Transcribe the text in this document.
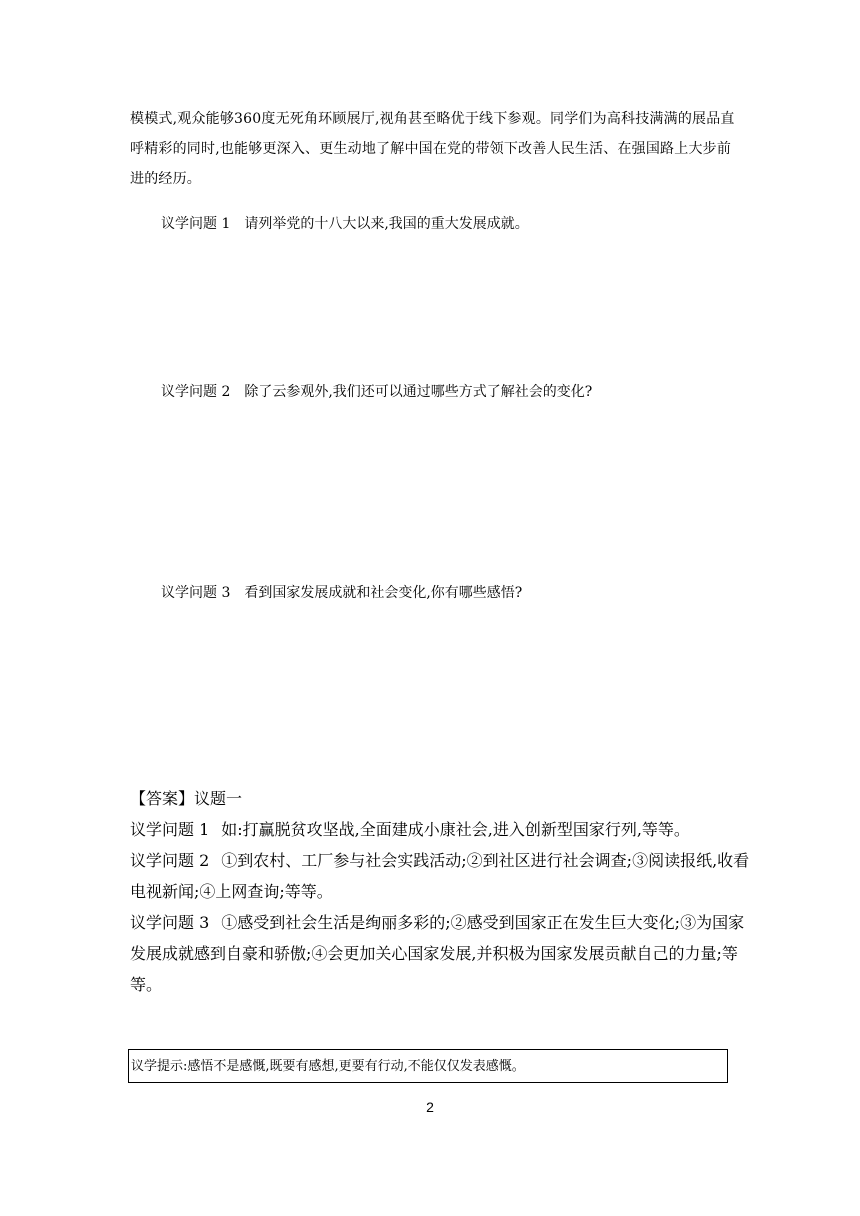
模模式,观众能够360度无死角环顾展厅,视角甚至略优于线下参观。同学们为高科技满满的展品直呼精彩的同时,也能够更深入、更生动地了解中国在党的带领下改善人民生活、在强国路上大步前进的经历。

议学问题 1 请列举党的十八大以来,我国的重大发展成就。

议学问题 2 除了云参观外,我们还可以通过哪些方式了解社会的变化?

议学问题 3 看到国家发展成就和社会变化,你有哪些感悟?

【答案】议题一

议学问题 1 如:打赢脱贫攻坚战,全面建成小康社会,进入创新型国家行列,等等。

议学问题 2 ①到农村、工厂参与社会实践活动;②到社区进行社会调查;③阅读报纸,收看电视新闻;④上网查询;等等。

议学问题 3 ①感受到社会生活是绚丽多彩的;②感受到国家正在发生巨大变化;③为国家发展成就感到自豪和骄傲;④会更加关心国家发展,并积极为国家发展贡献自己的力量;等等。

议学提示:感悟不是感慨,既要有感想,更要有行动,不能仅仅发表感慨。
2
